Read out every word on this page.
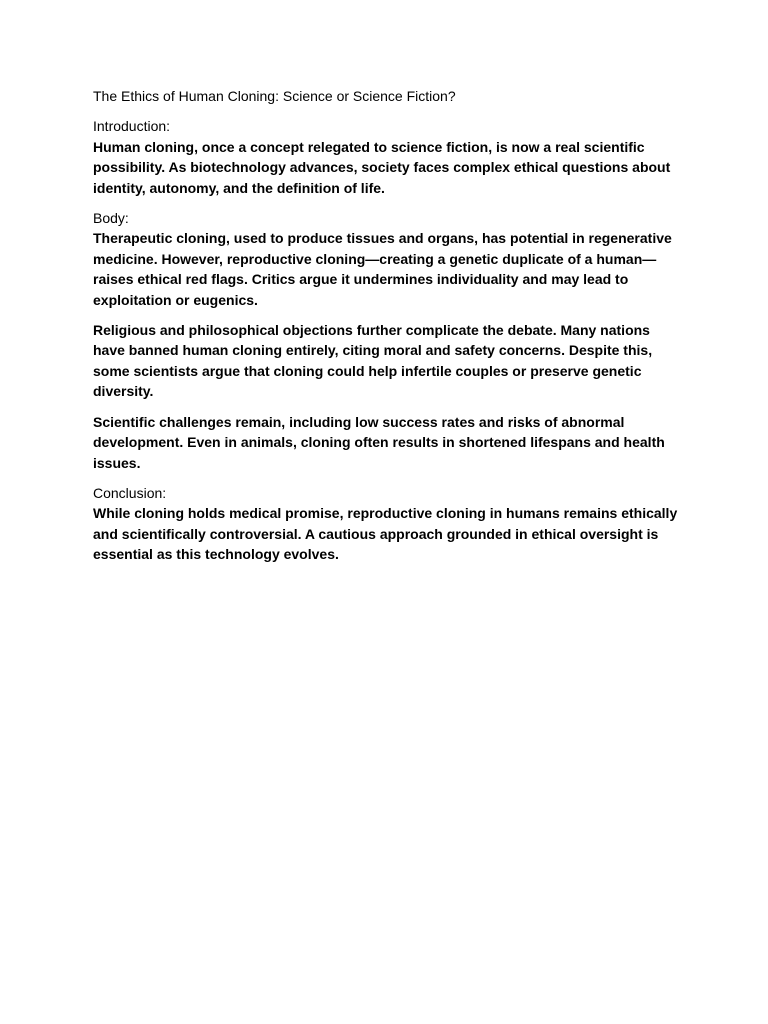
The Ethics of Human Cloning: Science or Science Fiction?

Introduction:

Human cloning, once a concept relegated to science fiction, is now a real scientific possibility. As biotechnology advances, society faces complex ethical questions about identity, autonomy, and the definition of life.

Body:

Therapeutic cloning, used to produce tissues and organs, has potential in regenerative medicine. However, reproductive cloning—creating a genetic duplicate of a human—raises ethical red flags. Critics argue it undermines individuality and may lead to exploitation or eugenics.

Religious and philosophical objections further complicate the debate. Many nations have banned human cloning entirely, citing moral and safety concerns. Despite this, some scientists argue that cloning could help infertile couples or preserve genetic diversity.

Scientific challenges remain, including low success rates and risks of abnormal development. Even in animals, cloning often results in shortened lifespans and health issues.

Conclusion:

While cloning holds medical promise, reproductive cloning in humans remains ethically and scientifically controversial. A cautious approach grounded in ethical oversight is essential as this technology evolves.
